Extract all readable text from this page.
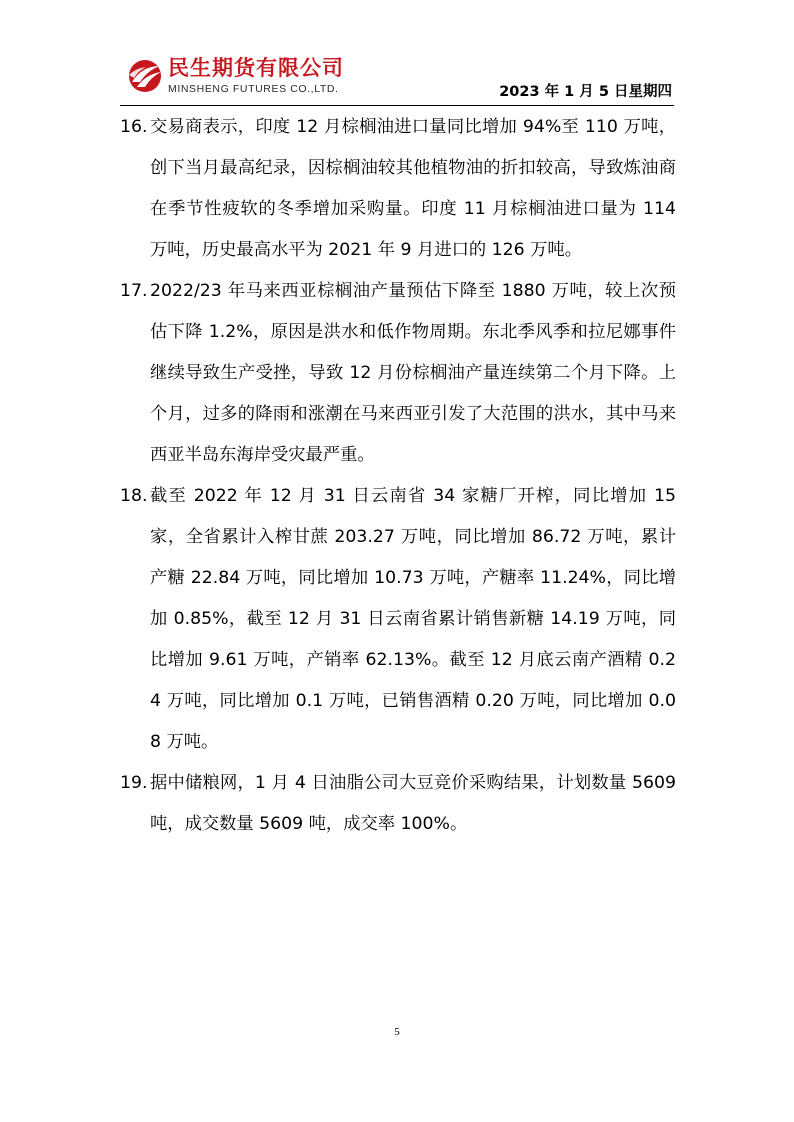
民生期货有限公司
MINSHENG FUTURES CO.,LTD.	2023 年 1 月 5 日星期四
16. 交易商表示，印度 12 月棕榈油进口量同比增加 94%至 110 万吨，创下当月最高纪录，因棕榈油较其他植物油的折扣较高，导致炼油商在季节性疲软的冬季增加采购量。印度 11 月棕榈油进口量为 114 万吨，历史最高水平为 2021 年 9 月进口的 126 万吨。
17. 2022/23 年马来西亚棕榈油产量预估下降至 1880 万吨，较上次预估下降 1.2%，原因是洪水和低作物周期。东北季风季和拉尼娜事件继续导致生产受挫，导致 12 月份棕榈油产量连续第二个月下降。上个月，过多的降雨和涨潮在马来西亚引发了大范围的洪水，其中马来西亚半岛东海岸受灾最严重。
18. 截至 2022 年 12 月 31 日云南省 34 家糖厂开榨，同比增加 15 家，全省累计入榨甘蔗 203.27 万吨，同比增加 86.72 万吨，累计产糖 22.84 万吨，同比增加 10.73 万吨，产糖率 11.24%，同比增加 0.85%，截至 12 月 31 日云南省累计销售新糖 14.19 万吨，同比增加 9.61 万吨，产销率 62.13%。截至 12 月底云南产酒精 0.24 万吨，同比增加 0.1 万吨，已销售酒精 0.20 万吨，同比增加 0.08 万吨。
19. 据中储粮网，1 月 4 日油脂公司大豆竞价采购结果，计划数量 5609 吨，成交数量 5609 吨，成交率 100%。
5
